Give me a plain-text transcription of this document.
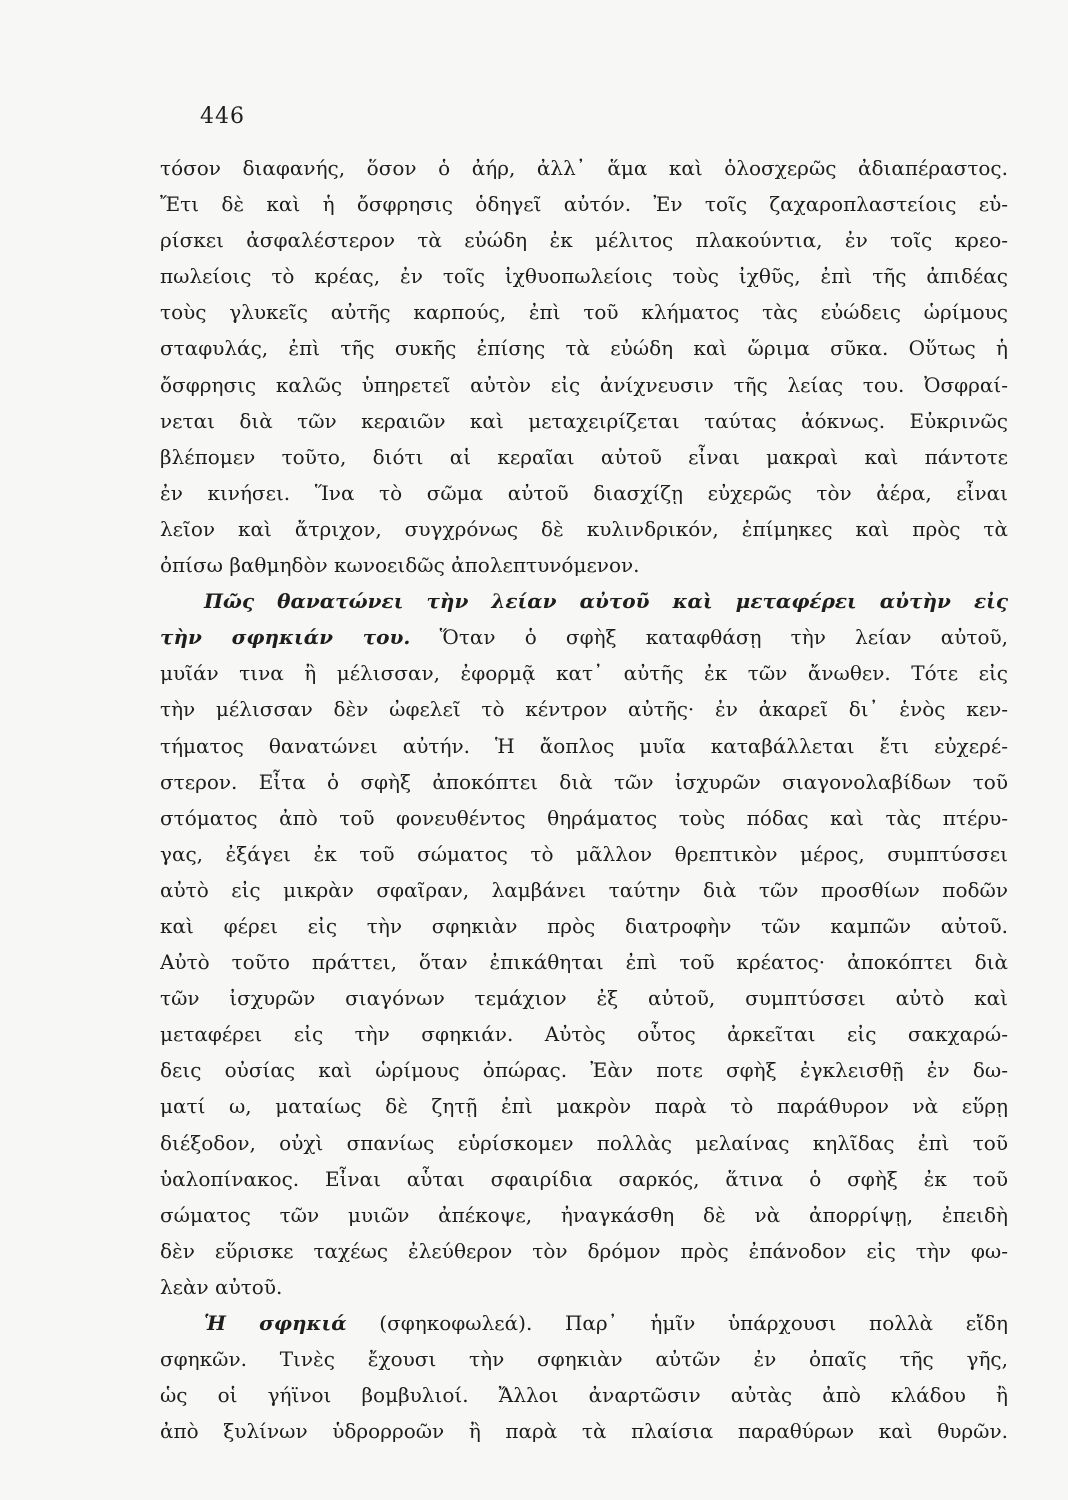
446
τόσον διαφανής, ὅσον ὁ ἀήρ, ἀλλ᾿ ἅμα καὶ ὁλοσχερῶς ἀδιαπέραστος.
Ἔτι δὲ καὶ ἡ ὄσφρησις ὁδηγεῖ αὐτόν. Ἐν τοῖς ζαχαροπλαστείοις εὑ-
ρίσκει ἀσφαλέστερον τὰ εὐώδη ἐκ μέλιτος πλακούντια, ἐν τοῖς κρεο-
πωλείοις τὸ κρέας, ἐν τοῖς ἰχθυοπωλείοις τοὺς ἰχθῦς, ἐπὶ τῆς ἀπιδέας
τοὺς γλυκεῖς αὐτῆς καρπούς, ἐπὶ τοῦ κλήματος τὰς εὐώδεις ὡρίμους
σταφυλάς, ἐπὶ τῆς συκῆς ἐπίσης τὰ εὐώδη καὶ ὥριμα σῦκα. Οὕτως ἡ
ὄσφρησις καλῶς ὑπηρετεῖ αὐτὸν εἰς ἀνίχνευσιν τῆς λείας του. Ὀσφραί-
νεται διὰ τῶν κεραιῶν καὶ μεταχειρίζεται ταύτας ἀόκνως. Εὐκρινῶς
βλέπομεν τοῦτο, διότι αἱ κεραῖαι αὐτοῦ εἶναι μακραὶ καὶ πάντοτε
ἐν κινήσει. Ἵνα τὸ σῶμα αὐτοῦ διασχίζῃ εὐχερῶς τὸν ἀέρα, εἶναι
λεῖον καὶ ἄτριχον, συγχρόνως δὲ κυλινδρικόν, ἐπίμηκες καὶ πρὸς τὰ
ὀπίσω βαθμηδὸν κωνοειδῶς ἀπολεπτυνόμενον.
Πῶς θανατώνει τὴν λείαν αὐτοῦ καὶ μεταφέρει αὐτὴν εἰς
τὴν σφηκιάν του. Ὅταν ὁ σφὴξ καταφθάσῃ τὴν λείαν αὐτοῦ,
μυῖάν τινα ἢ μέλισσαν, ἐφορμᾷ κατ᾿ αὐτῆς ἐκ τῶν ἄνωθεν. Τότε εἰς
τὴν μέλισσαν δὲν ὠφελεῖ τὸ κέντρον αὐτῆς· ἐν ἀκαρεῖ δι᾿ ἑνὸς κεν-
τήματος θανατώνει αὐτήν. Ἡ ἄοπλος μυῖα καταβάλλεται ἔτι εὐχερέ-
στερον. Εἶτα ὁ σφὴξ ἀποκόπτει διὰ τῶν ἰσχυρῶν σιαγονολαβίδων τοῦ
στόματος ἀπὸ τοῦ φονευθέντος θηράματος τοὺς πόδας καὶ τὰς πτέρυ-
γας, ἐξάγει ἐκ τοῦ σώματος τὸ μᾶλλον θρεπτικὸν μέρος, συμπτύσσει
αὐτὸ εἰς μικρὰν σφαῖραν, λαμβάνει ταύτην διὰ τῶν προσθίων ποδῶν
καὶ φέρει εἰς τὴν σφηκιὰν πρὸς διατροφὴν τῶν καμπῶν αὐτοῦ.
Αὐτὸ τοῦτο πράττει, ὅταν ἐπικάθηται ἐπὶ τοῦ κρέατος· ἀποκόπτει διὰ
τῶν ἰσχυρῶν σιαγόνων τεμάχιον ἐξ αὐτοῦ, συμπτύσσει αὐτὸ καὶ
μεταφέρει εἰς τὴν σφηκιάν. Αὐτὸς οὗτος ἀρκεῖται εἰς σακχαρώ-
δεις οὐσίας καὶ ὡρίμους ὀπώρας. Ἐὰν ποτε σφὴξ ἐγκλεισθῇ ἐν δω-
ματί ω, ματαίως δὲ ζητῇ ἐπὶ μακρὸν παρὰ τὸ παράθυρον νὰ εὕρῃ
διέξοδον, οὐχὶ σπανίως εὑρίσκομεν πολλὰς μελαίνας κηλῖδας ἐπὶ τοῦ
ὑαλοπίνακος. Εἶναι αὗται σφαιρίδια σαρκός, ἅτινα ὁ σφὴξ ἐκ τοῦ
σώματος τῶν μυιῶν ἀπέκοψε, ἠναγκάσθη δὲ νὰ ἀπορρίψῃ, ἐπειδὴ
δὲν εὕρισκε ταχέως ἐλεύθερον τὸν δρόμον πρὸς ἐπάνοδον εἰς τὴν φω-
λεὰν αὐτοῦ.
Ἡ σφηκιά (σφηκοφωλεά). Παρ᾿ ἡμῖν ὑπάρχουσι πολλὰ εἴδη
σφηκῶν. Τινὲς ἔχουσι τὴν σφηκιὰν αὐτῶν ἐν ὀπαῖς τῆς γῆς,
ὡς οἱ γήϊνοι βομβυλιοί. Ἄλλοι ἀναρτῶσιν αὐτὰς ἀπὸ κλάδου ἢ
ἀπὸ ξυλίνων ὑδρορροῶν ἢ παρὰ τὰ πλαίσια παραθύρων καὶ θυρῶν.
